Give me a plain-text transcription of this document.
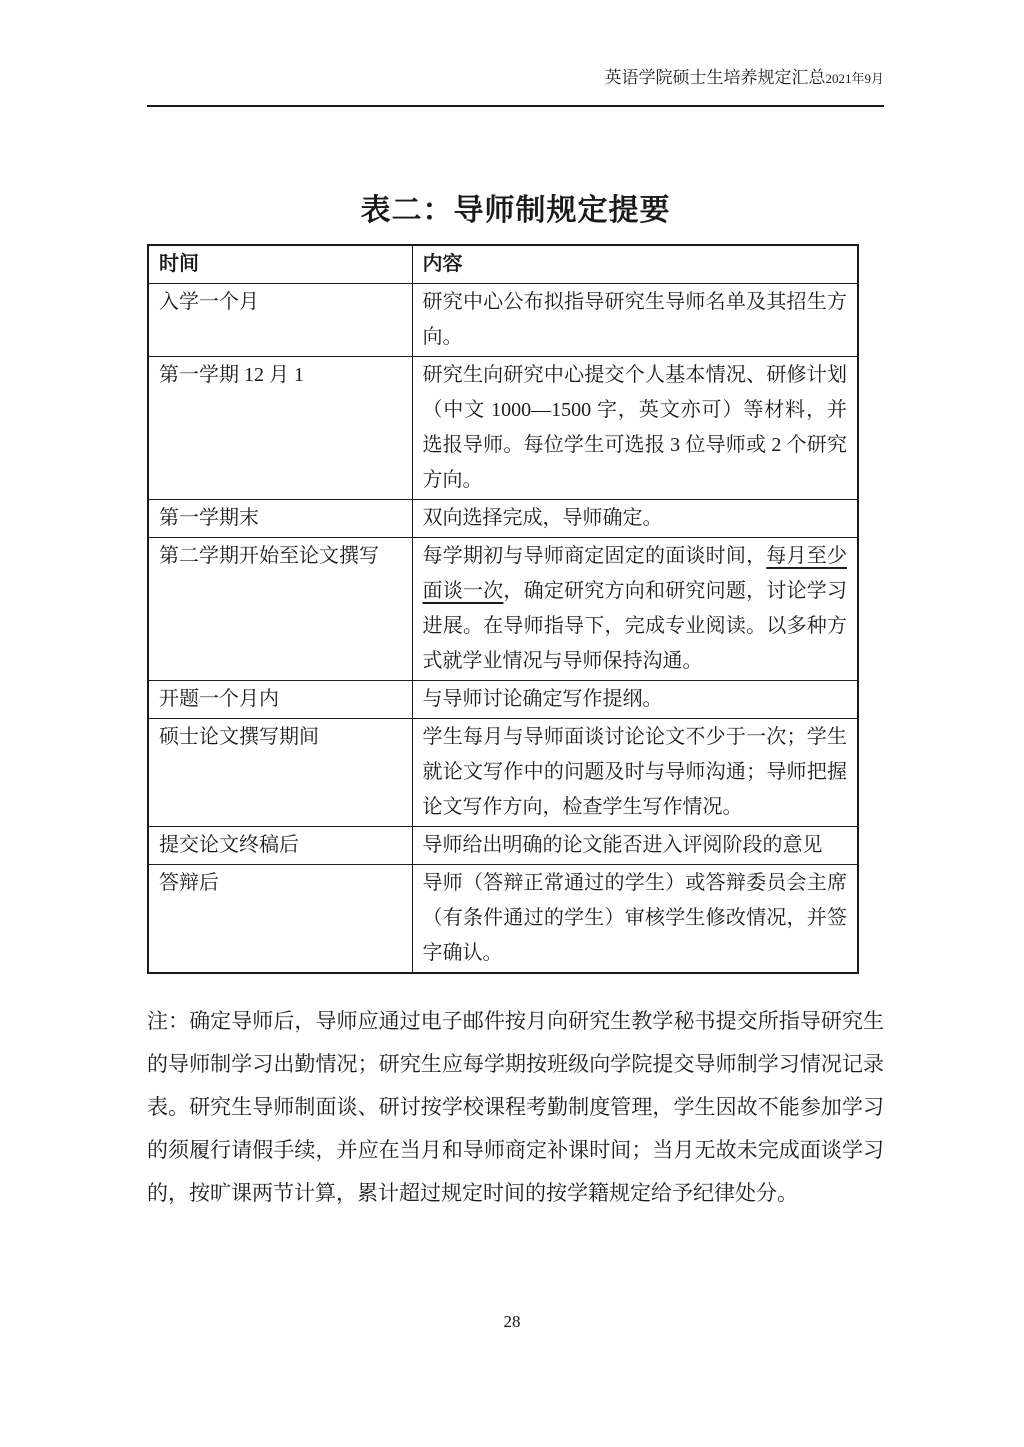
英语学院硕士生培养规定汇总2021年9月
表二：导师制规定提要
时间	内容
入学一个月	研究中心公布拟指导研究生导师名单及其招生方向。
第一学期 12 月 1	研究生向研究中心提交个人基本情况、研修计划（中文 1000—1500 字，英文亦可）等材料，并选报导师。每位学生可选报 3 位导师或 2 个研究方向。
第一学期末	双向选择完成，导师确定。
第二学期开始至论文撰写	每学期初与导师商定固定的面谈时间，每月至少面谈一次，确定研究方向和研究问题，讨论学习进展。在导师指导下，完成专业阅读。以多种方式就学业情况与导师保持沟通。
开题一个月内	与导师讨论确定写作提纲。
硕士论文撰写期间	学生每月与导师面谈讨论论文不少于一次；学生就论文写作中的问题及时与导师沟通；导师把握论文写作方向，检查学生写作情况。
提交论文终稿后	导师给出明确的论文能否进入评阅阶段的意见
答辩后	导师（答辩正常通过的学生）或答辩委员会主席（有条件通过的学生）审核学生修改情况，并签字确认。

注：确定导师后，导师应通过电子邮件按月向研究生教学秘书提交所指导研究生的导师制学习出勤情况；研究生应每学期按班级向学院提交导师制学习情况记录表。研究生导师制面谈、研讨按学校课程考勤制度管理，学生因故不能参加学习的须履行请假手续，并应在当月和导师商定补课时间；当月无故未完成面谈学习的，按旷课两节计算，累计超过规定时间的按学籍规定给予纪律处分。

28
